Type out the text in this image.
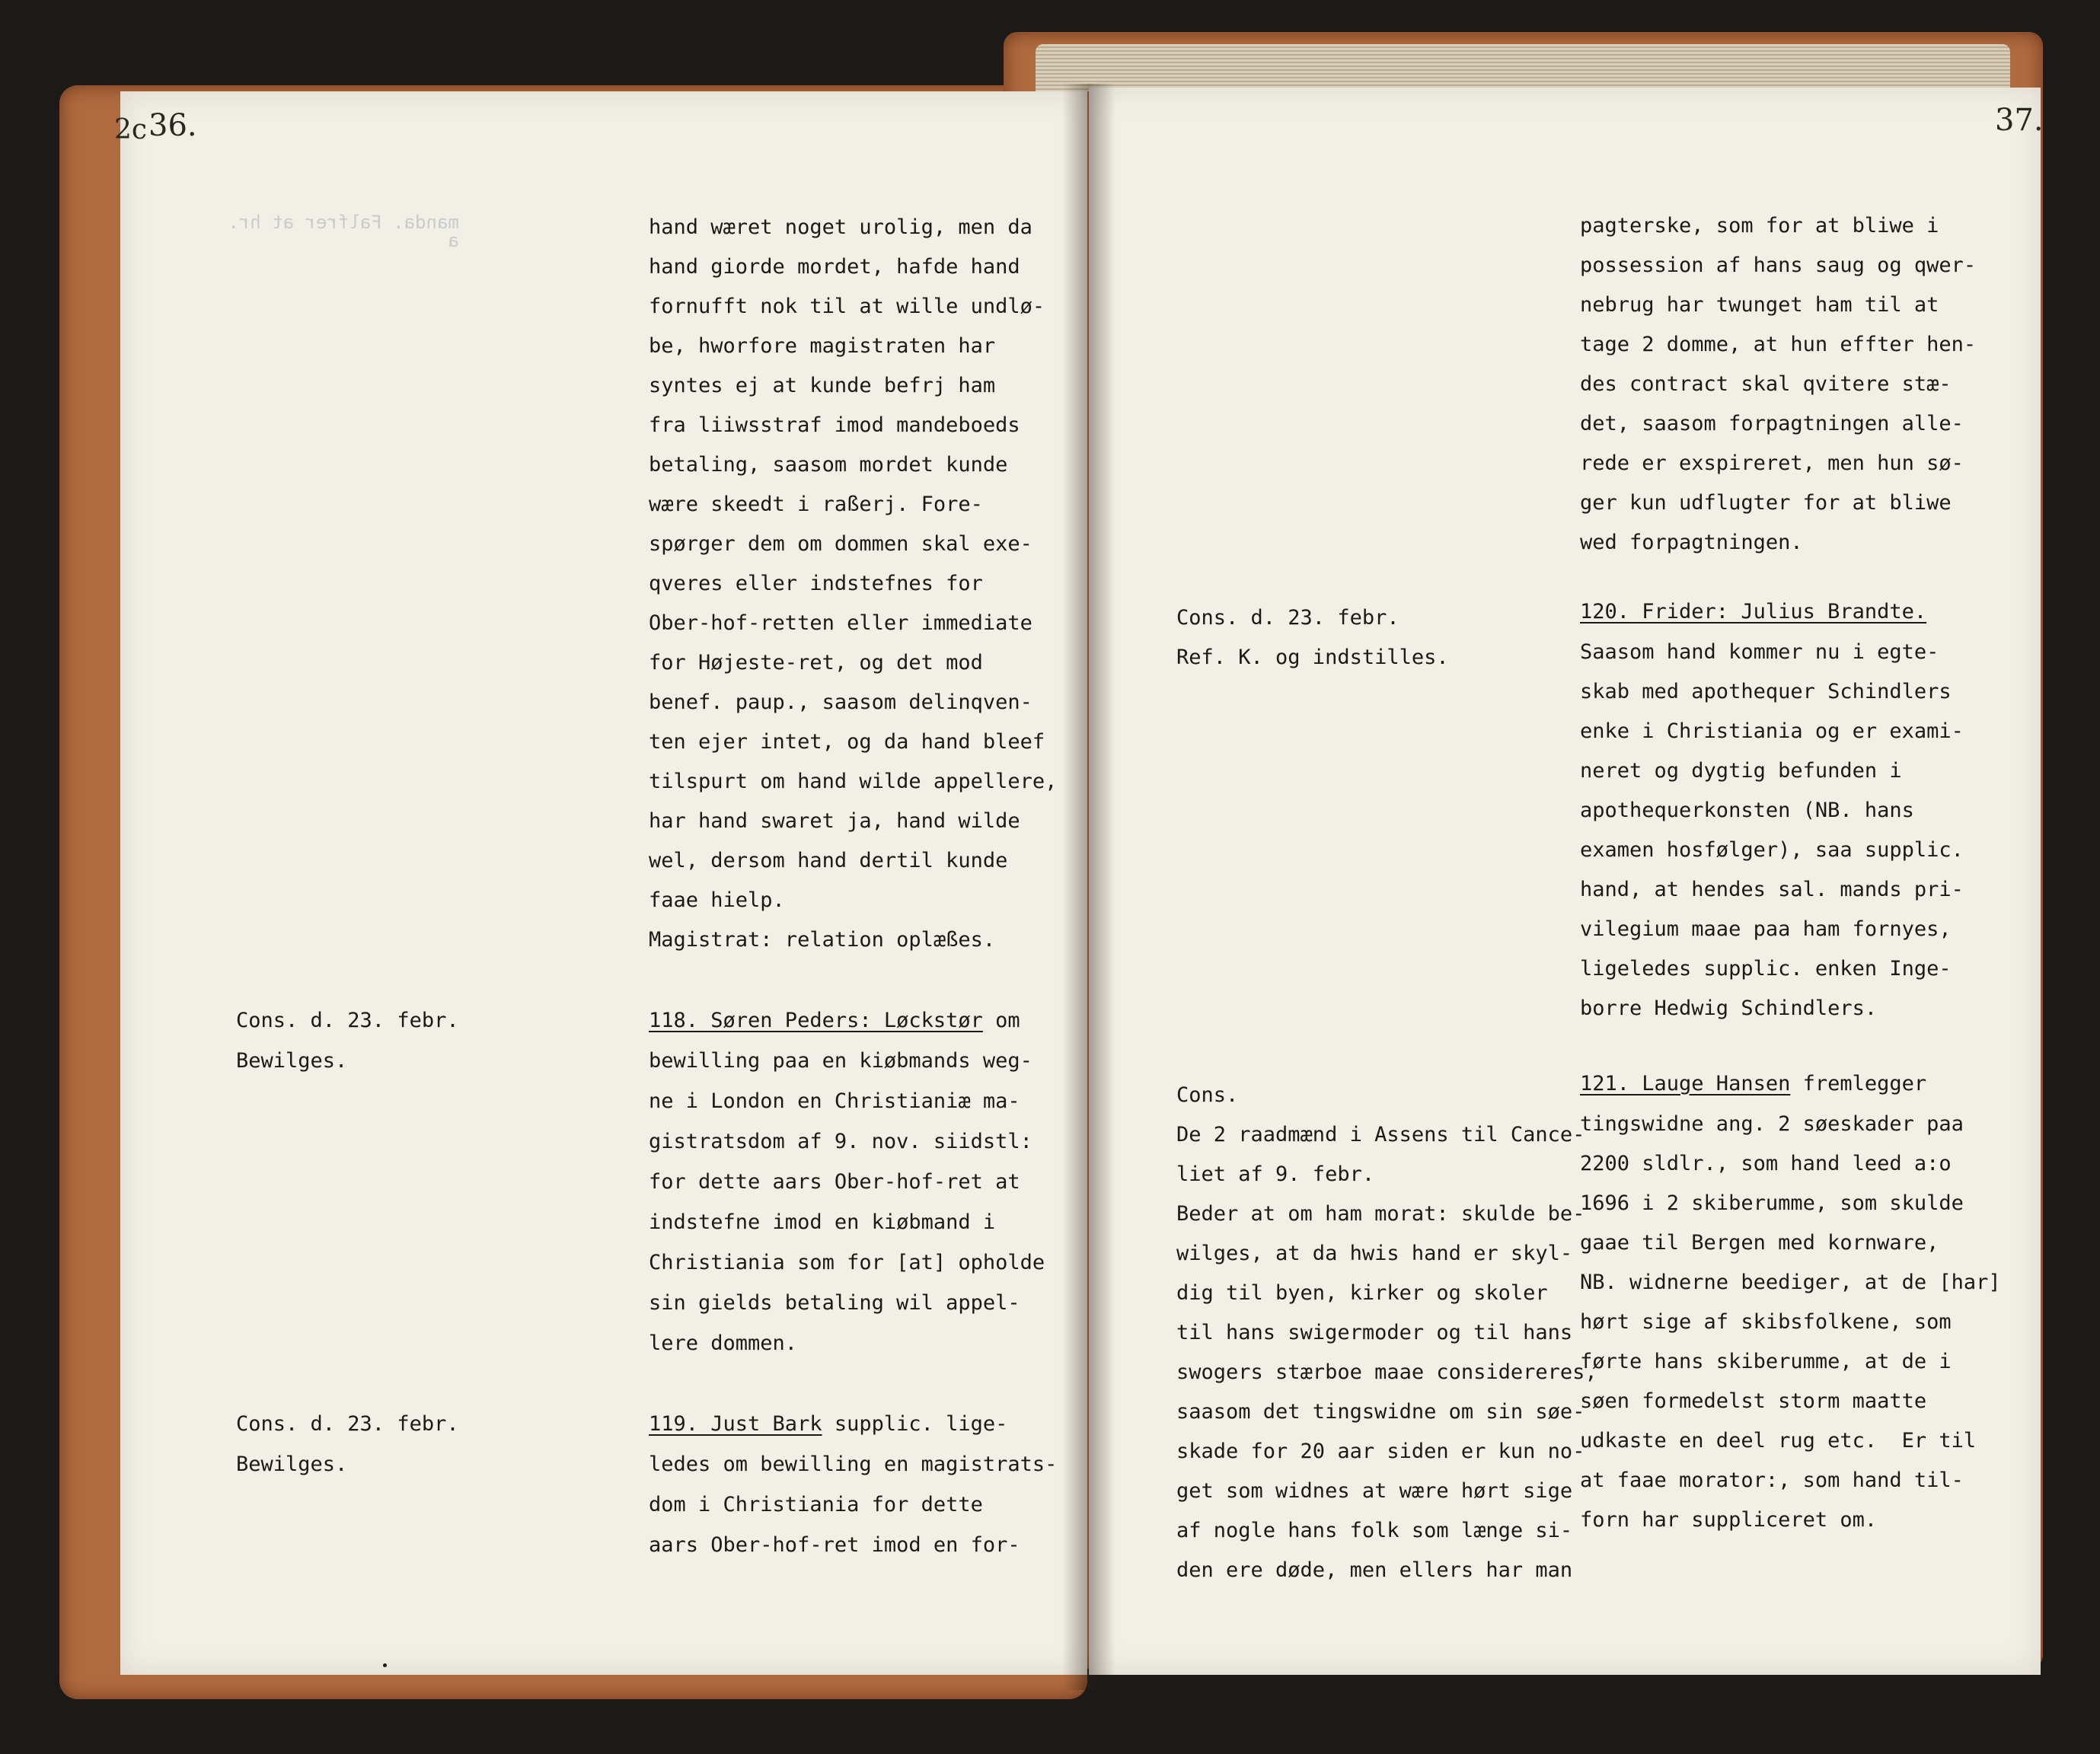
manda. Falfrer at hr.
a

2c 36.	37.
Cons. d. 23. febr.
Bewilges.
Cons. d. 23. febr.
Bewilges.
hand wæret noget urolig, men da
hand giorde mordet, hafde hand
fornufft nok til at wille undlø-
be, hworfore magistraten har
syntes ej at kunde befrj ham
fra liiwsstraf imod mandeboeds
betaling, saasom mordet kunde
wære skeedt i raßerj. Fore-
spørger dem om dommen skal exe-
qveres eller indstefnes for
Ober-hof-retten eller immediate
for Højeste-ret, og det mod
benef. paup., saasom delinqven-
ten ejer intet, og da hand bleef
tilspurt om hand wilde appellere,
har hand swaret ja, hand wilde
wel, dersom hand dertil kunde
faae hielp.
Magistrat: relation oplæßes.
118. Søren Peders: Løckstør om
bewilling paa en kiøbmands weg-
ne i London en Christianiæ ma-
gistratsdom af 9. nov. siidstl:
for dette aars Ober-hof-ret at
indstefne imod en kiøbmand i
Christiania som for [at] opholde
sin gields betaling wil appel-
lere dommen.
119. Just Bark supplic. lige-
ledes om bewilling en magistrats-
dom i Christiania for dette
aars Ober-hof-ret imod en for-
pagterske, som for at bliwe i
Cons. d. 23. febr.
Ref. K. og indstilles.
Cons.
De 2 raadmænd i Assens til Cance-
liet af 9. febr.
Beder at om ham morat: skulde be-
wilges, at da hwis hand er skyl-
dig til byen, kirker og skoler
til hans swigermoder og til hans
swogers stærboe maae considereres,
saasom det tingswidne om sin søe-
skade for 20 aar siden er kun no-
get som widnes at wære hørt sige
af nogle hans folk som længe si-
den ere døde, men ellers har man
possession af hans saug og qwer-
nebrug har twunget ham til at
tage 2 domme, at hun effter hen-
des contract skal qvitere stæ-
det, saasom forpagtningen alle-
rede er exspireret, men hun sø-
ger kun udflugter for at bliwe
wed forpagtningen.
120. Frider: Julius Brandte.
Saasom hand kommer nu i egte-
skab med apothequer Schindlers
enke i Christiania og er exami-
neret og dygtig befunden i
apothequerkonsten (NB. hans
examen hosfølger), saa supplic.
hand, at hendes sal. mands pri-
vilegium maae paa ham fornyes,
ligeledes supplic. enken Inge-
borre Hedwig Schindlers.
121. Lauge Hansen fremlegger
tingswidne ang. 2 søeskader paa
2200 sldlr., som hand leed a:o
1696 i 2 skiberumme, som skulde
gaae til Bergen med kornware,
NB. widnerne beediger, at de [har]
hørt sige af skibsfolkene, som
førte hans skiberumme, at de i
søen formedelst storm maatte
udkaste en deel rug etc.  Er til
at faae morator:, som hand til-
forn har suppliceret om.
